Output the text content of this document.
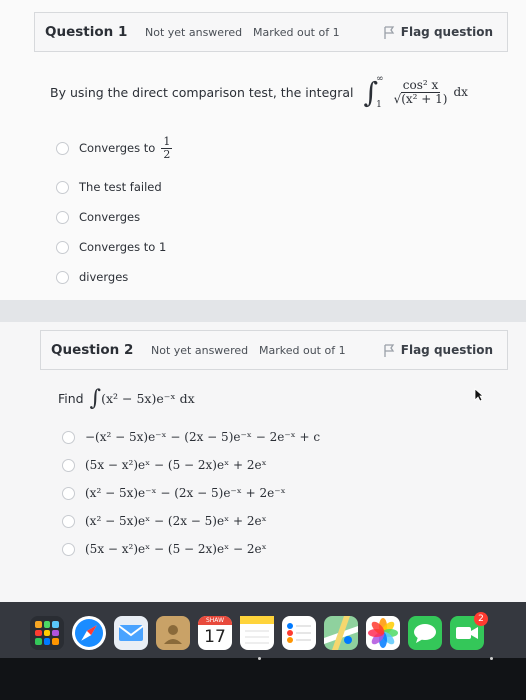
Question 1	Not yet answered Marked out of 1	Flag question
By using the direct comparison test, the integral ∫
∞
$1 \frac{\text{cos² x}}{\text{√(x² + 1)}}$ dx
Converges to $\frac{1}{2}$
The test failed
Converges
Converges to 1
diverges
Question 2	Not yet answered Marked out of 1	Flag question
Find ∫ (x² − 5x)e⁻ˣ dx
−(x² − 5x)e⁻ˣ − (2x − 5)e⁻ˣ − 2e⁻ˣ + c
(5x − x²)eˣ − (5 − 2x)eˣ + 2eˣ
(x² − 5x)e⁻ˣ − (2x − 5)e⁻ˣ + 2e⁻ˣ
(x² − 5x)eˣ − (2x − 5)eˣ + 2eˣ
(5x − x²)eˣ − (5 − 2x)eˣ − 2eˣ
SHAW
17
2
